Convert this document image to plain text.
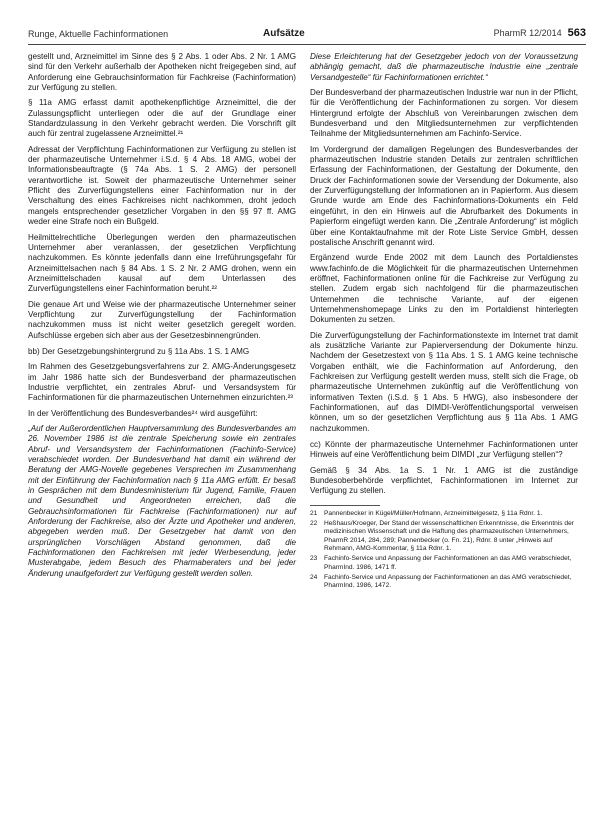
Runge, Aktuelle Fachinformationen	Aufsätze	PharmR 12/2014 563

gestellt und, Arzneimittel im Sinne des § 2 Abs. 1 oder Abs. 2 Nr. 1 AMG sind für den Verkehr außerhalb der Apotheken nicht freigegeben sind, auf Anforderung eine Gebrauchsinformation für Fachkreise (Fachinformation) zur Verfügung zu stellen.

§ 11a AMG erfasst damit apothekenpflichtige Arzneimittel, die der Zulassungspflicht unterliegen oder die auf der Grundlage einer Standardzulassung in den Verkehr gebracht werden. Die Vorschrift gilt auch für zentral zugelassene Arzneimittel.²¹

Adressat der Verpflichtung Fachinformationen zur Verfügung zu stellen ist der pharmazeutische Unternehmer i.S.d. § 4 Abs. 18 AMG, wobei der Informationsbeauftragte (§ 74a Abs. 1 S. 2 AMG) der personell verantwortliche ist. Soweit der pharmazeutische Unternehmer seiner Pflicht des Zurverfügungstellens einer Fachinformation nur in der Verschaltung des eines Fachkreises nicht nachkommen, droht jedoch mangels entsprechender gesetzlicher Vorgaben in den §§ 97 ff. AMG weder eine Strafe noch ein Bußgeld.

Heilmittelrechtliche Überlegungen werden den pharmazeutischen Unternehmer aber veranlassen, der gesetzlichen Verpflichtung nachzukommen. Es könnte jedenfalls dann eine Irreführungsgefahr für Arzneimittelsachen nach § 84 Abs. 1 S. 2 Nr. 2 AMG drohen, wenn ein Arzneimittelschaden kausal auf dem Unterlassen des Zurverfügungstellens einer Fachinformation beruht.²²

Die genaue Art und Weise wie der pharmazeutische Unternehmer seiner Verpflichtung zur Zurverfügungstellung der Fachinformation nachzukommen muss ist nicht weiter gesetzlich geregelt worden. Aufschlüsse ergeben sich aber aus der Gesetzesbinnengründen.

bb) Der Gesetzgebungshintergrund zu § 11a Abs. 1 S. 1 AMG

Im Rahmen des Gesetzgebungsverfahrens zur 2. AMG-Änderungsgesetz im Jahr 1986 hatte sich der Bundesverband der pharmazeutischen Industrie verpflichtet, ein zentrales Abruf- und Versandsystem für Fachinformationen für die pharmazeutischen Unternehmen einzurichten.²³

In der Veröffentlichung des Bundesverbandes²⁴ wird ausgeführt:

„Auf der Außerordentlichen Hauptversammlung des Bundesverbandes am 26. November 1986 ist die zentrale Speicherung sowie ein zentrales Abruf- und Versandsystem der Fachinformationen (Fachinfo-Service) verabschiedet worden. Der Bundesverband hat damit ein während der Beratung der AMG-Novelle gegebenes Versprechen im Zusammenhang mit der Einführung der Fachinformation nach § 11a AMG erfüllt. Er besaß in Gesprächen mit dem Bundesministerium für Jugend, Familie, Frauen und Gesundheit und Angeordneten erreichen, daß die Gebrauchsinformationen für Fachkreise (Fachinformationen) nur auf Anforderung der Fachkreise, also der Ärzte und Apotheker und anderen, abgegeben werden muß. Der Gesetzgeber hat damit von den ursprünglichen Vorschlägen Abstand genommen, daß die Fachinformationen den Fachkreisen mit jeder Werbesendung, jeder Musterabgabe, jedem Besuch des Pharmaberaters und bei jeder Änderung unaufgefordert zur Verfügung gestellt werden sollen.

Diese Erleichterung hat der Gesetzgeber jedoch von der Voraussetzung abhängig gemacht, daß die pharmazeutische Industrie eine „zentrale Versandgestelle“ für Fachinformationen errichtet.“

Der Bundesverband der pharmazeutischen Industrie war nun in der Pflicht, für die Veröffentlichung der Fachinformationen zu sorgen. Vor diesem Hintergrund erfolgte der Abschluß von Vereinbarungen zwischen dem Bundesverband und den Mitgliedsunternehmen zur verpflichtenden Teilnahme der Mitgliedsunternehmen am Fachinfo-Service.

Im Vordergrund der damaligen Regelungen des Bundesverbandes der pharmazeutischen Industrie standen Details zur zentralen schriftlichen Erfassung der Fachinformationen, der Gestaltung der Dokumente, den Druck der Fachinformationen sowie der Versendung der Dokumente, also der Zurverfügungstellung der Informationen an in Papierform. Aus diesem Grunde wurde am Ende des Fachinformations-Dokuments ein Feld eingeführt, in den ein Hinweis auf die Abrufbarkeit des Dokuments in Papierform eingefügt werden kann. Die „Zentrale Anforderung“ ist möglich über eine Kontaktaufnahme mit der Rote Liste Service GmbH, dessen postalische Anschrift genannt wird.

Ergänzend wurde Ende 2002 mit dem Launch des Portaldienstes www.fachinfo.de die Möglichkeit für die pharmazeutischen Unternehmen eröffnet, Fachinformationen online für die Fachkreise zur Verfügung zu stellen. Zudem ergab sich nachfolgend für die pharmazeutischen Unternehmen die technische Variante, auf der eigenen Unternehmenshomepage Links zu den im Portaldienst hinterlegten Dokumenten zu setzen.

Die Zurverfügungstellung der Fachinformationstexte im Internet trat damit als zusätzliche Variante zur Papierversendung der Dokumente hinzu. Nachdem der Gesetzestext von § 11a Abs. 1 S. 1 AMG keine technische Vorgaben enthält, wie die Fachinformation auf Anforderung, den Fachkreisen zur Verfügung gestellt werden muss, stellt sich die Frage, ob pharmazeutische Unternehmen zukünftig auf die Veröffentlichung von informativen Texten (i.S.d. § 1 Abs. 5 HWG), also insbesondere der Fachinformationen, auf das DIMDI-Veröffentlichungsportal verweisen können, um so der gesetzlichen Verpflichtung aus § 11a Abs. 1 AMG nachzukommen.

cc) Könnte der pharmazeutische Unternehmer Fachinformationen unter Hinweis auf eine Veröffentlichung beim DIMDI „zur Verfügung stellen“?

Gemäß § 34 Abs. 1a S. 1 Nr. 1 AMG ist die zuständige Bundesoberbehörde verpflichtet, Fachinformationen im Internet zur Verfügung zu stellen.

21	Pannenbecker in Kügel/Müller/Hofmann, Arzneimittelgesetz, § 11a Rdnr. 1.
22	Heßhaus/Kroeger, Der Stand der wissenschaftlichen Erkenntnisse, die Erkenntnis der medizinischen Wissenschaft und die Haftung des pharmazeutischen Unternehmers, PharmR 2014, 284, 289; Pannenbecker (o. Fn. 21), Rdnr. 8 unter „Hinweis auf Rehmann, AMG-Kommentar, § 11a Rdnr. 1.
23	Fachinfo-Service und Anpassung der Fachinformationen an das AMG verabschiedet, PharmInd. 1986, 1471 ff.
24	Fachinfo-Service und Anpassung der Fachinformationen an das AMG verabschiedet, PharmInd. 1986, 1472.
